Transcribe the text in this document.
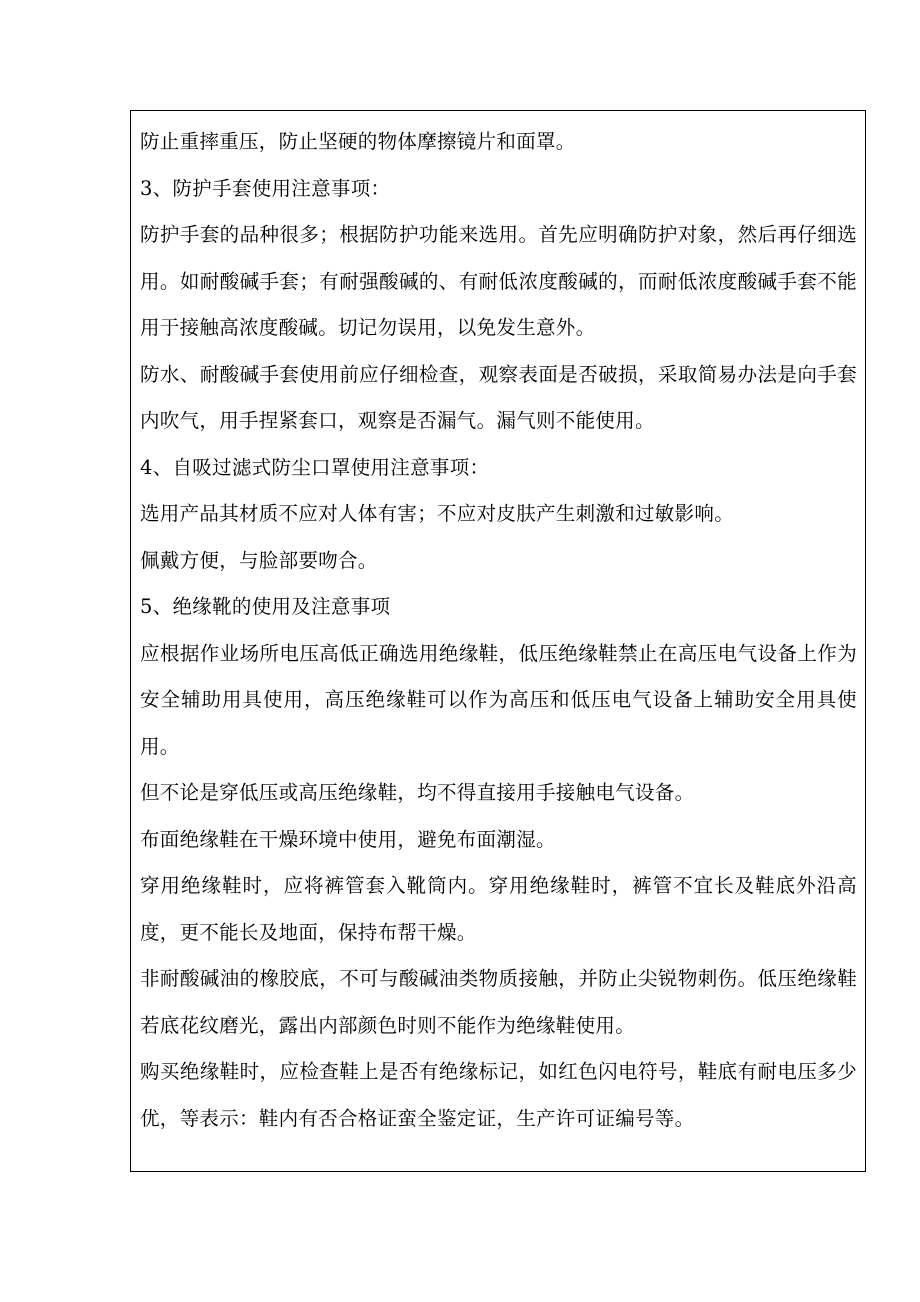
防止重摔重压，防止坚硬的物体摩擦镜片和面罩。

3、防护手套使用注意事项：

防护手套的品种很多；根据防护功能来选用。首先应明确防护对象，然后再仔细选用。如耐酸碱手套；有耐强酸碱的、有耐低浓度酸碱的，而耐低浓度酸碱手套不能用于接触高浓度酸碱。切记勿误用，以免发生意外。

防水、耐酸碱手套使用前应仔细检查，观察表面是否破损，采取简易办法是向手套内吹气，用手捏紧套口，观察是否漏气。漏气则不能使用。

4、自吸过滤式防尘口罩使用注意事项：

选用产品其材质不应对人体有害；不应对皮肤产生刺激和过敏影响。

佩戴方便，与脸部要吻合。

5、绝缘靴的使用及注意事项

应根据作业场所电压高低正确选用绝缘鞋，低压绝缘鞋禁止在高压电气设备上作为安全辅助用具使用，高压绝缘鞋可以作为高压和低压电气设备上辅助安全用具使用。

但不论是穿低压或高压绝缘鞋，均不得直接用手接触电气设备。

布面绝缘鞋在干燥环境中使用，避免布面潮湿。

穿用绝缘鞋时，应将裤管套入靴筒内。穿用绝缘鞋时，裤管不宜长及鞋底外沿高度，更不能长及地面，保持布帮干燥。

非耐酸碱油的橡胶底，不可与酸碱油类物质接触，并防止尖锐物刺伤。低压绝缘鞋若底花纹磨光，露出内部颜色时则不能作为绝缘鞋使用。

购买绝缘鞋时，应检查鞋上是否有绝缘标记，如红色闪电符号，鞋底有耐电压多少优，等表示：鞋内有否合格证蛮全鉴定证，生产许可证编号等。
